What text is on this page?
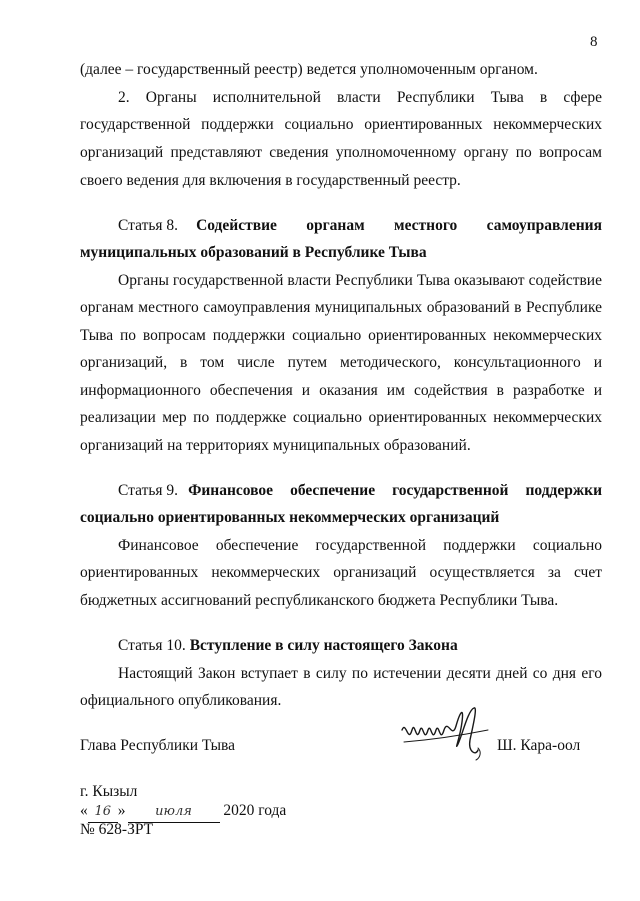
8
(далее – государственный реестр) ведется уполномоченным органом.
2. Органы исполнительной власти Республики Тыва в сфере
государственной поддержки социально ориентированных некоммерческих
организаций представляют сведения уполномоченному органу по вопросам
своего ведения для включения в государственный реестр.
Статья 8. Содействие органам местного самоуправления
муниципальных образований в Республике Тыва
Органы государственной власти Республики Тыва оказывают содействие
органам местного самоуправления муниципальных образований в Республике
Тыва по вопросам поддержки социально ориентированных некоммерческих
организаций, в том числе путем методического, консультационного и
информационного обеспечения и оказания им содействия в разработке и
реализации мер по поддержке социально ориентированных некоммерческих
организаций на территориях муниципальных образований.
Статья 9. Финансовое обеспечение государственной поддержки
социально ориентированных некоммерческих организаций
Финансовое обеспечение государственной поддержки социально
ориентированных некоммерческих организаций осуществляется за счет
бюджетных ассигнований республиканского бюджета Республики Тыва.
Статья 10. Вступление в силу настоящего Закона
Настоящий Закон вступает в силу по истечении десяти дней со дня его
официального опубликования.
Глава Республики Тыва	Ш. Кара-оол
г. Кызыл
« 16 » июля 2020 года
№ 628-ЗРТ
